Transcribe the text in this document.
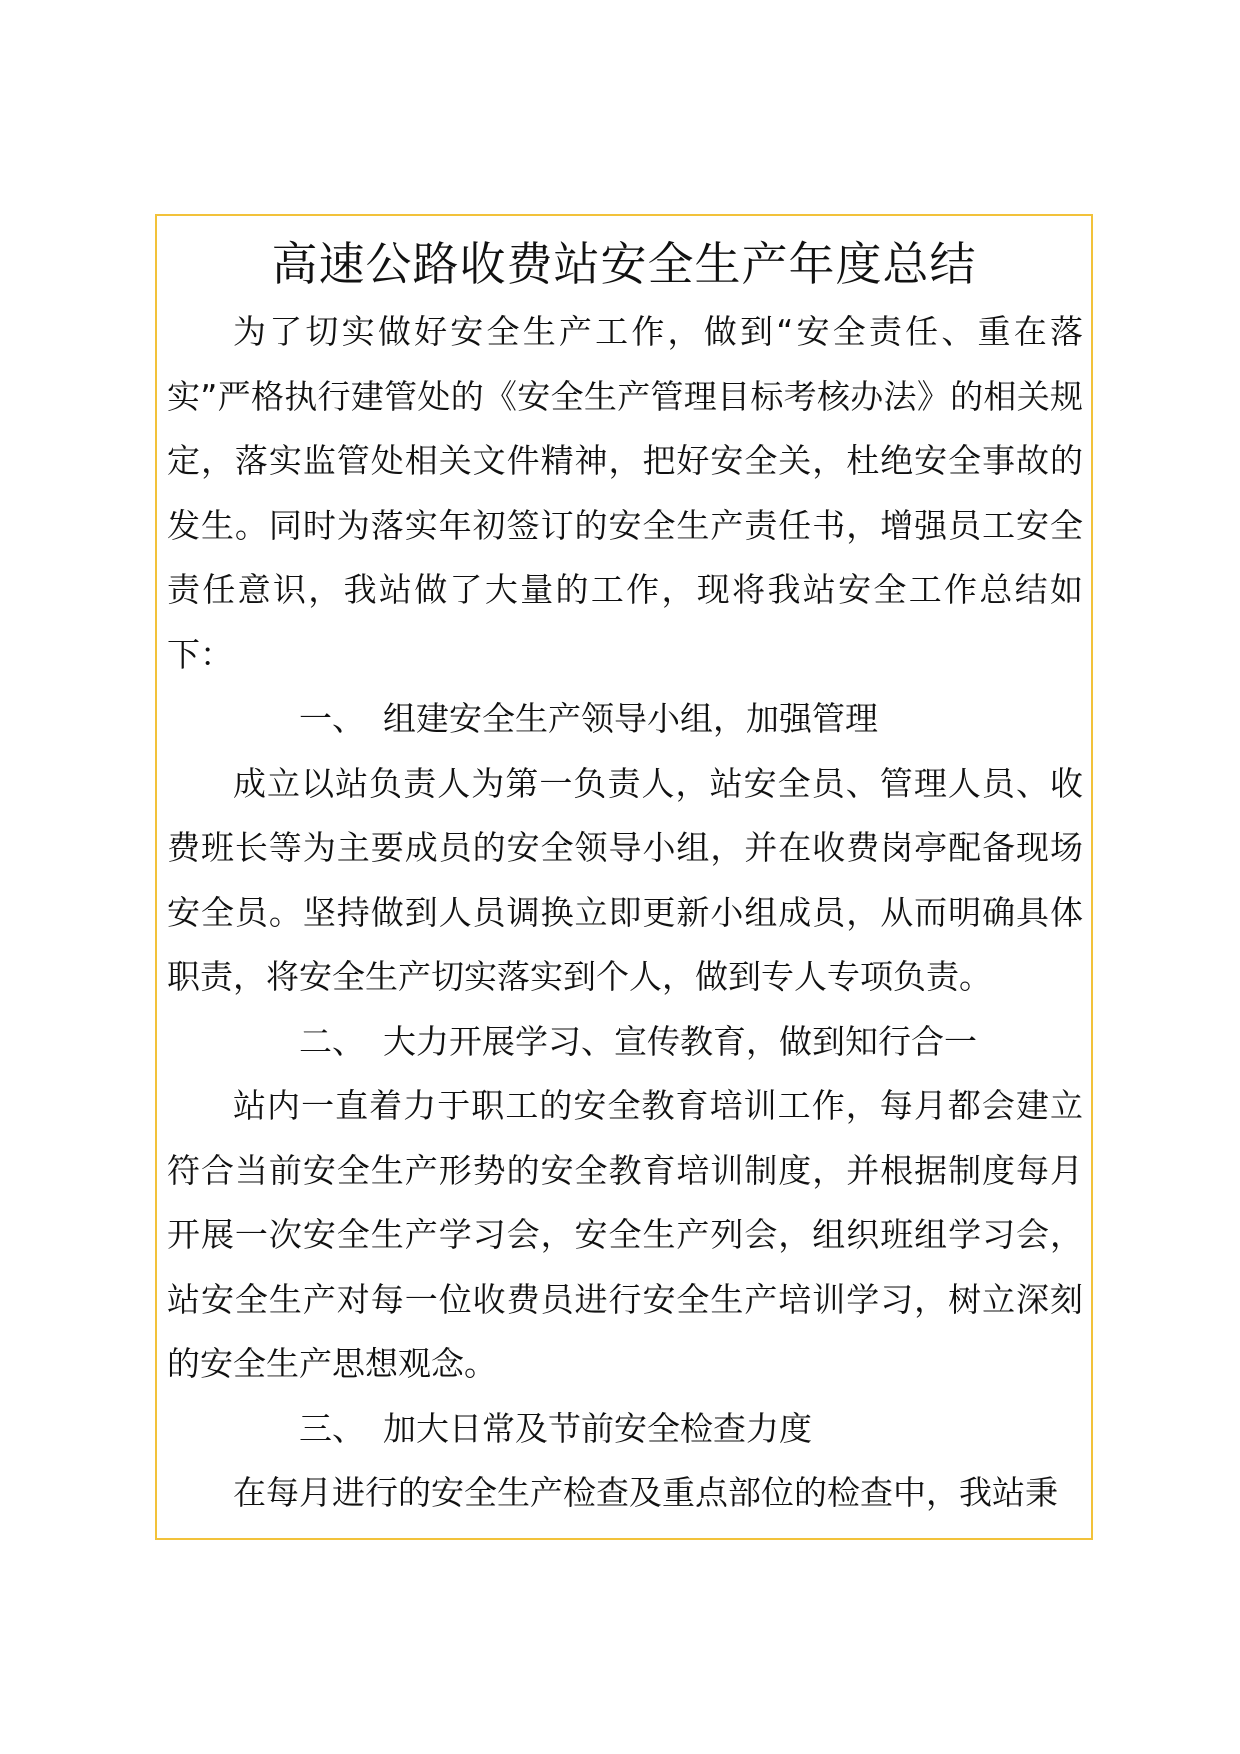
高速公路收费站安全生产年度总结

为了切实做好安全生产工作，做到“安全责任、重在落实”严格执行建管处的《安全生产管理目标考核办法》的相关规定，落实监管处相关文件精神，把好安全关，杜绝安全事故的发生。同时为落实年初签订的安全生产责任书，增强员工安全责任意识，我站做了大量的工作，现将我站安全工作总结如下：

一、 组建安全生产领导小组，加强管理

成立以站负责人为第一负责人，站安全员、管理人员、收费班长等为主要成员的安全领导小组，并在收费岗亭配备现场安全员。坚持做到人员调换立即更新小组成员，从而明确具体职责，将安全生产切实落实到个人，做到专人专项负责。

二、 大力开展学习、宣传教育，做到知行合一

站内一直着力于职工的安全教育培训工作，每月都会建立符合当前安全生产形势的安全教育培训制度，并根据制度每月开展一次安全生产学习会，安全生产列会，组织班组学习会，站安全生产对每一位收费员进行安全生产培训学习，树立深刻的安全生产思想观念。

三、 加大日常及节前安全检查力度

在每月进行的安全生产检查及重点部位的检查中，我站秉
